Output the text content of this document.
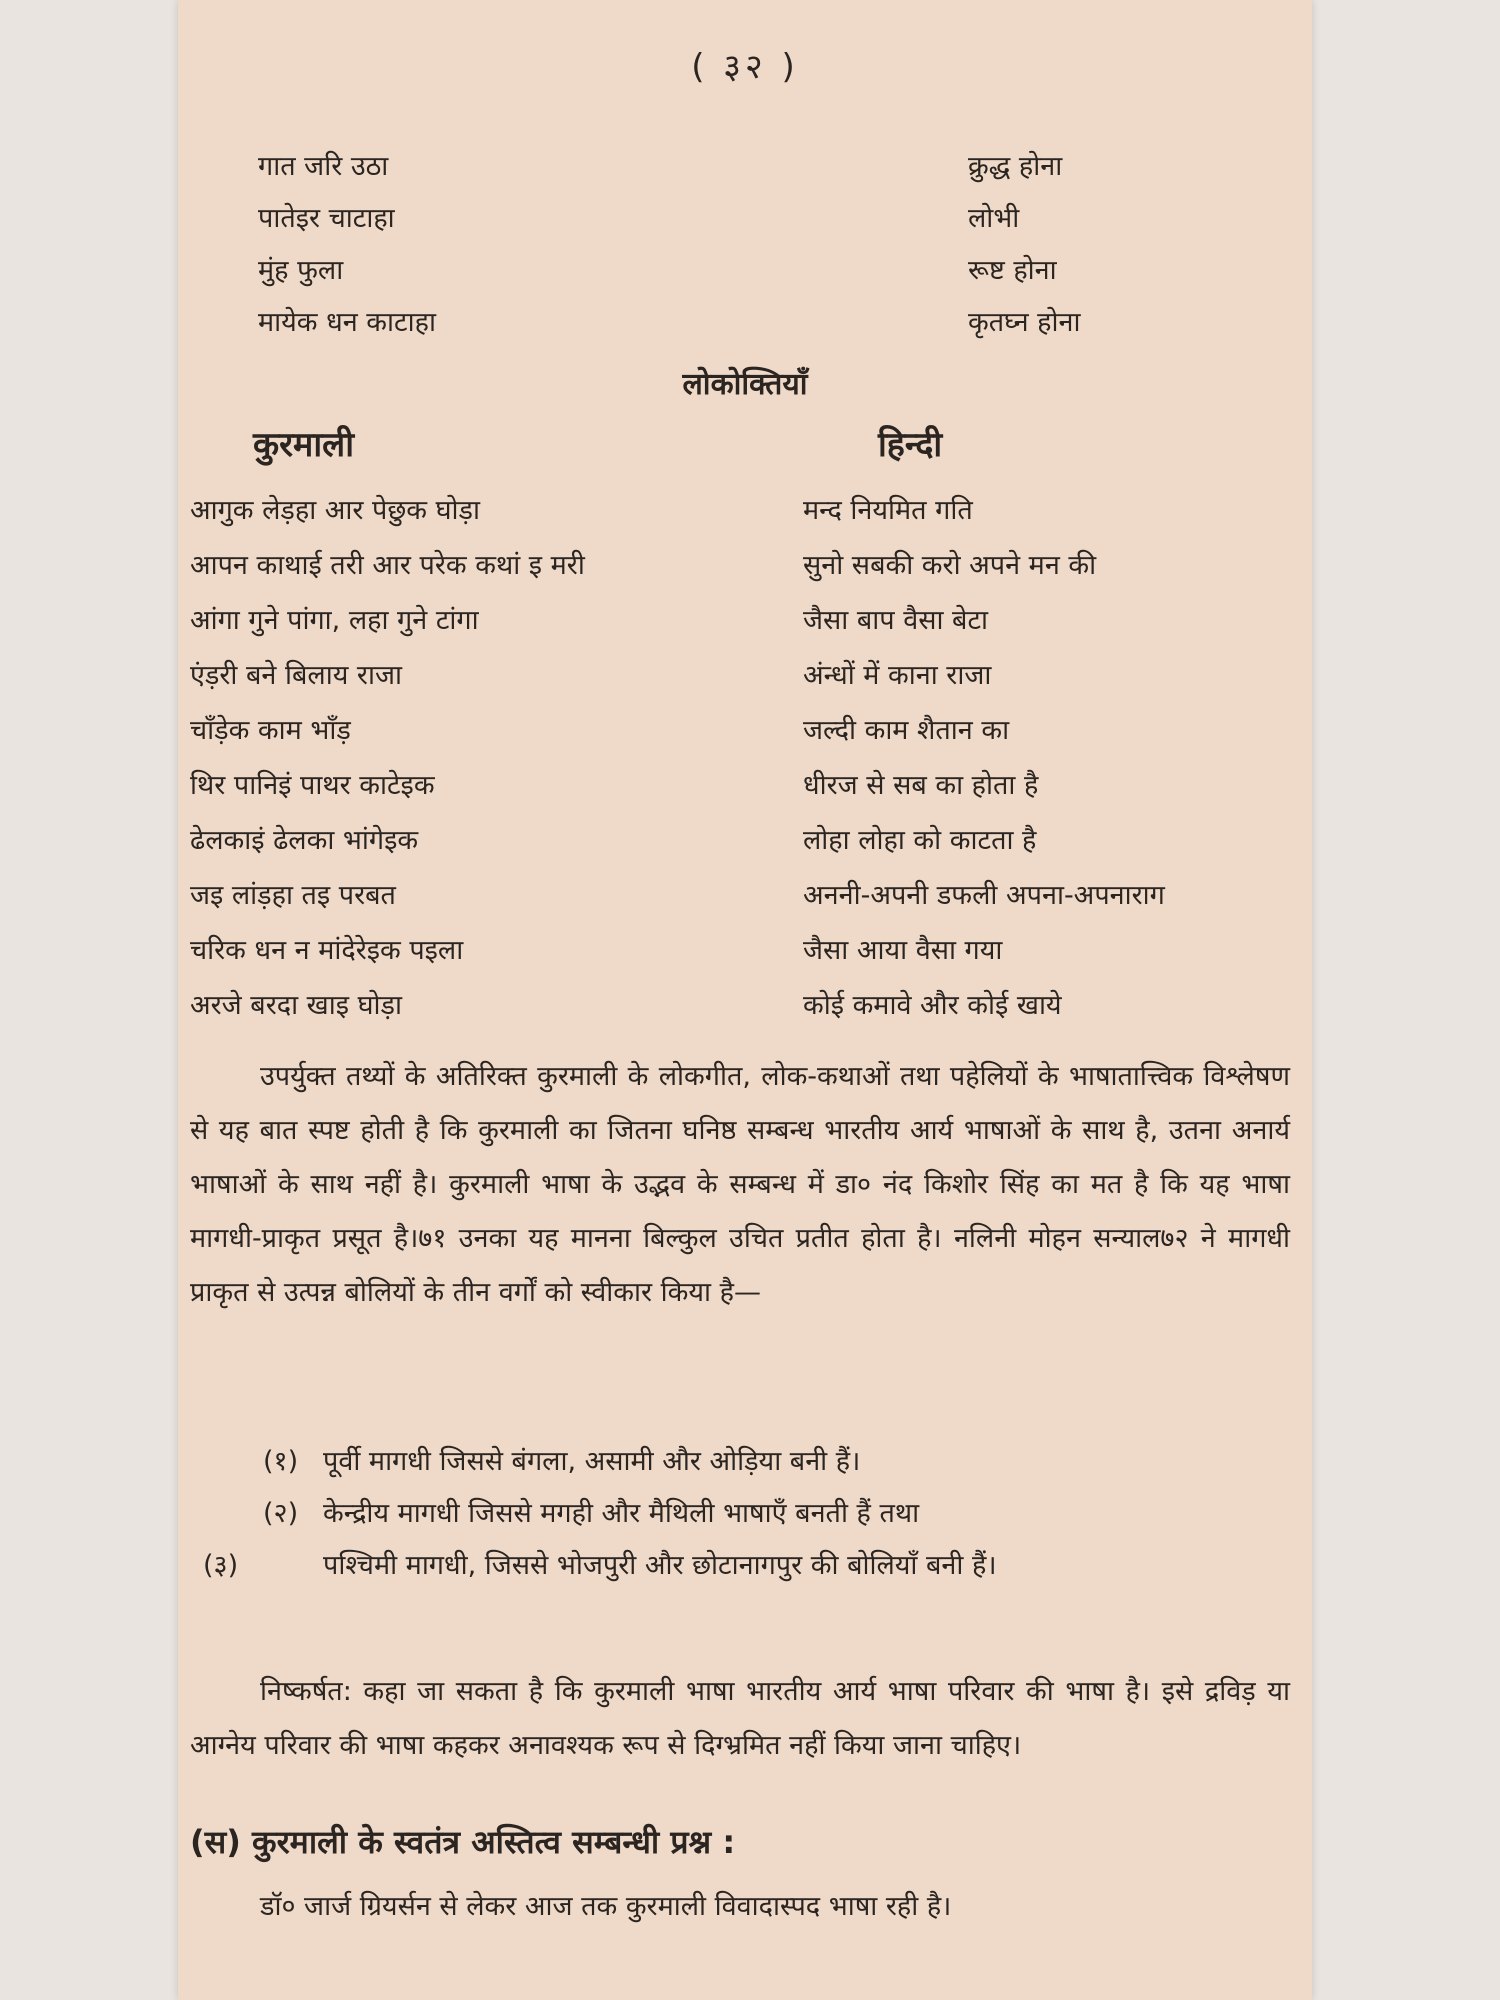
( ३२ )
गात जरि उठा	क्रुद्ध होना
पातेइर चाटाहा	लोभी
मुंह फुला	रूष्ट होना
मायेक धन काटाहा	कृतघ्न होना
लोकोक्तियाँ
कुरमाली	हिन्दी
आगुक लेड़हा आर पेछुक घोड़ा	मन्द नियमित गति
आपन काथाई तरी आर परेक कथां इ मरी	सुनो सबकी करो अपने मन की
आंगा गुने पांगा, लहा गुने टांगा	जैसा बाप वैसा बेटा
एंड़री बने बिलाय राजा	अंन्धों में काना राजा
चाँड़ेक काम भाँड़	जल्दी काम शैतान का
थिर पानिइं पाथर काटेइक	धीरज से सब का होता है
ढेलकाइं ढेलका भांगेइक	लोहा लोहा को काटता है
जइ लांड़हा तइ परबत	अननी-अपनी डफली अपना-अपनाराग
चरिक धन न मांदेरेइक पइला	जैसा आया वैसा गया
अरजे बरदा खाइ घोड़ा	कोई कमावे और कोई खाये
उपर्युक्त तथ्यों के अतिरिक्त कुरमाली के लोकगीत, लोक-कथाओं तथा पहेलियों के भाषातात्त्विक विश्लेषण से यह बात स्पष्ट होती है कि कुरमाली का जितना घनिष्ठ सम्बन्ध भारतीय आर्य भाषाओं के साथ है, उतना अनार्य भाषाओं के साथ नहीं है। कुरमाली भाषा के उद्भव के सम्बन्ध में डा० नंद किशोर सिंह का मत है कि यह भाषा मागधी-प्राकृत प्रसूत है।७१ उनका यह मानना बिल्कुल उचित प्रतीत होता है। नलिनी मोहन सन्याल७२ ने मागधी प्राकृत से उत्पन्न बोलियों के तीन वर्गों को स्वीकार किया है—
(१) पूर्वी मागधी जिससे बंगला, असामी और ओड़िया बनी हैं।
(२) केन्द्रीय मागधी जिससे मगही और मैथिली भाषाएँ बनती हैं तथा
(३)	पश्चिमी मागधी, जिससे भोजपुरी और छोटानागपुर की बोलियाँ बनी हैं।
निष्कर्षत: कहा जा सकता है कि कुरमाली भाषा भारतीय आर्य भाषा परिवार की भाषा है। इसे द्रविड़ या आग्नेय परिवार की भाषा कहकर अनावश्यक रूप से दिग्भ्रमित नहीं किया जाना चाहिए।
(स) कुरमाली के स्वतंत्र अस्तित्व सम्बन्धी प्रश्न :
डॉ० जार्ज ग्रियर्सन से लेकर आज तक कुरमाली विवादास्पद भाषा रही है।
